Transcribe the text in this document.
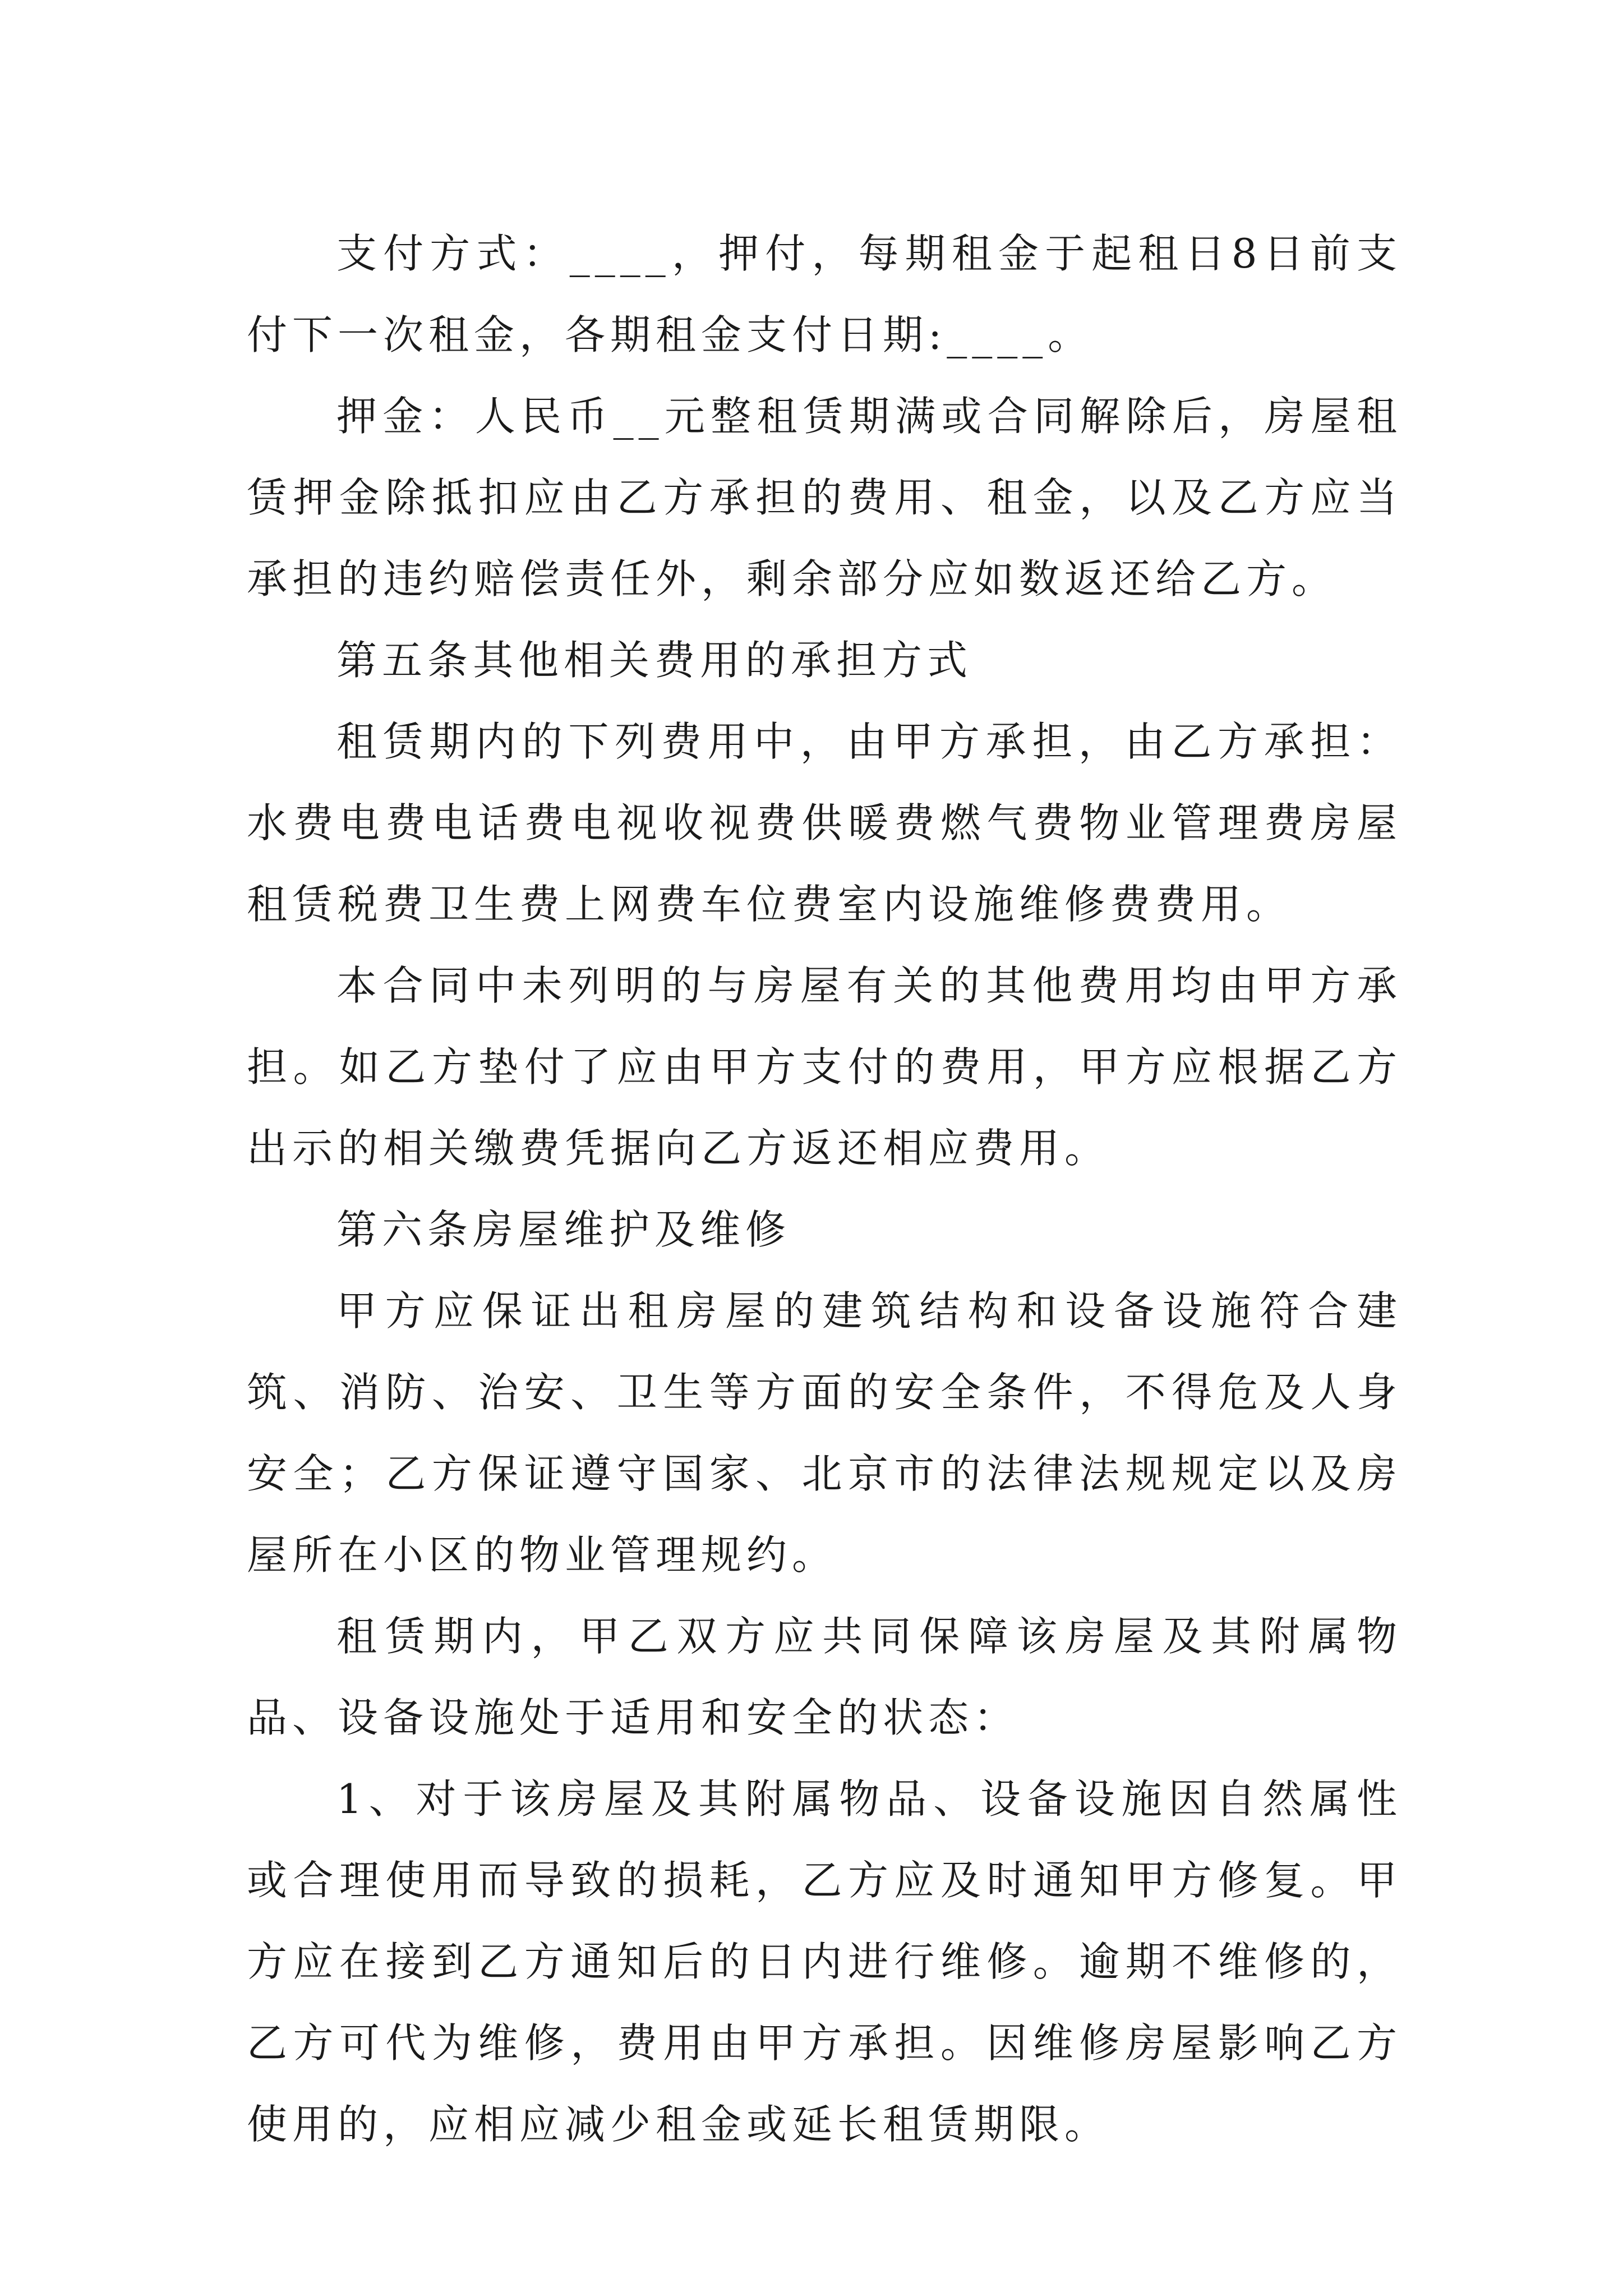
支付方式：____，押付，每期租金于起租日8日前支付下一次租金，各期租金支付日期:____。

押金：人民币__元整租赁期满或合同解除后，房屋租赁押金除抵扣应由乙方承担的费用、租金，以及乙方应当承担的违约赔偿责任外，剩余部分应如数返还给乙方。

第五条其他相关费用的承担方式

租赁期内的下列费用中，由甲方承担，由乙方承担：水费电费电话费电视收视费供暖费燃气费物业管理费房屋租赁税费卫生费上网费车位费室内设施维修费费用。

本合同中未列明的与房屋有关的其他费用均由甲方承担。如乙方垫付了应由甲方支付的费用，甲方应根据乙方出示的相关缴费凭据向乙方返还相应费用。

第六条房屋维护及维修

甲方应保证出租房屋的建筑结构和设备设施符合建筑、消防、治安、卫生等方面的安全条件，不得危及人身安全；乙方保证遵守国家、北京市的法律法规规定以及房屋所在小区的物业管理规约。

租赁期内，甲乙双方应共同保障该房屋及其附属物品、设备设施处于适用和安全的状态：

1、对于该房屋及其附属物品、设备设施因自然属性或合理使用而导致的损耗，乙方应及时通知甲方修复。甲方应在接到乙方通知后的日内进行维修。逾期不维修的，乙方可代为维修，费用由甲方承担。因维修房屋影响乙方使用的，应相应减少租金或延长租赁期限。
